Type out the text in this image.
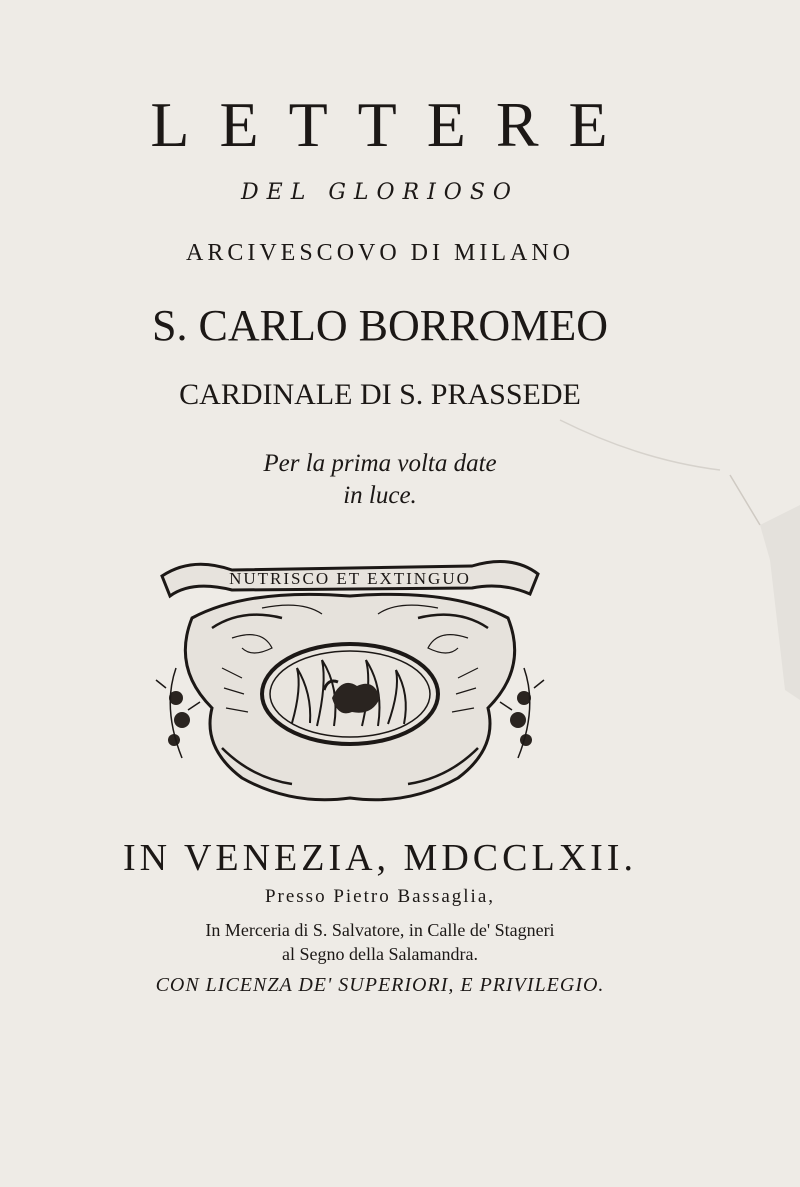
LETTERE
DEL GLORIOSO
ARCIVESCOVO DI MILANO
S. CARLO BORROMEO
CARDINALE DI S. PRASSEDE
Per la prima volta date
in luce.
NUTRISCO ET EXTINGUO
IN VENEZIA, MDCCLXII.
Presso Pietro Bassaglia,
In Merceria di S. Salvatore, in Calle de' Stagneri
al Segno della Salamandra.
CON LICENZA DE' SUPERIORI, E PRIVILEGIO.
